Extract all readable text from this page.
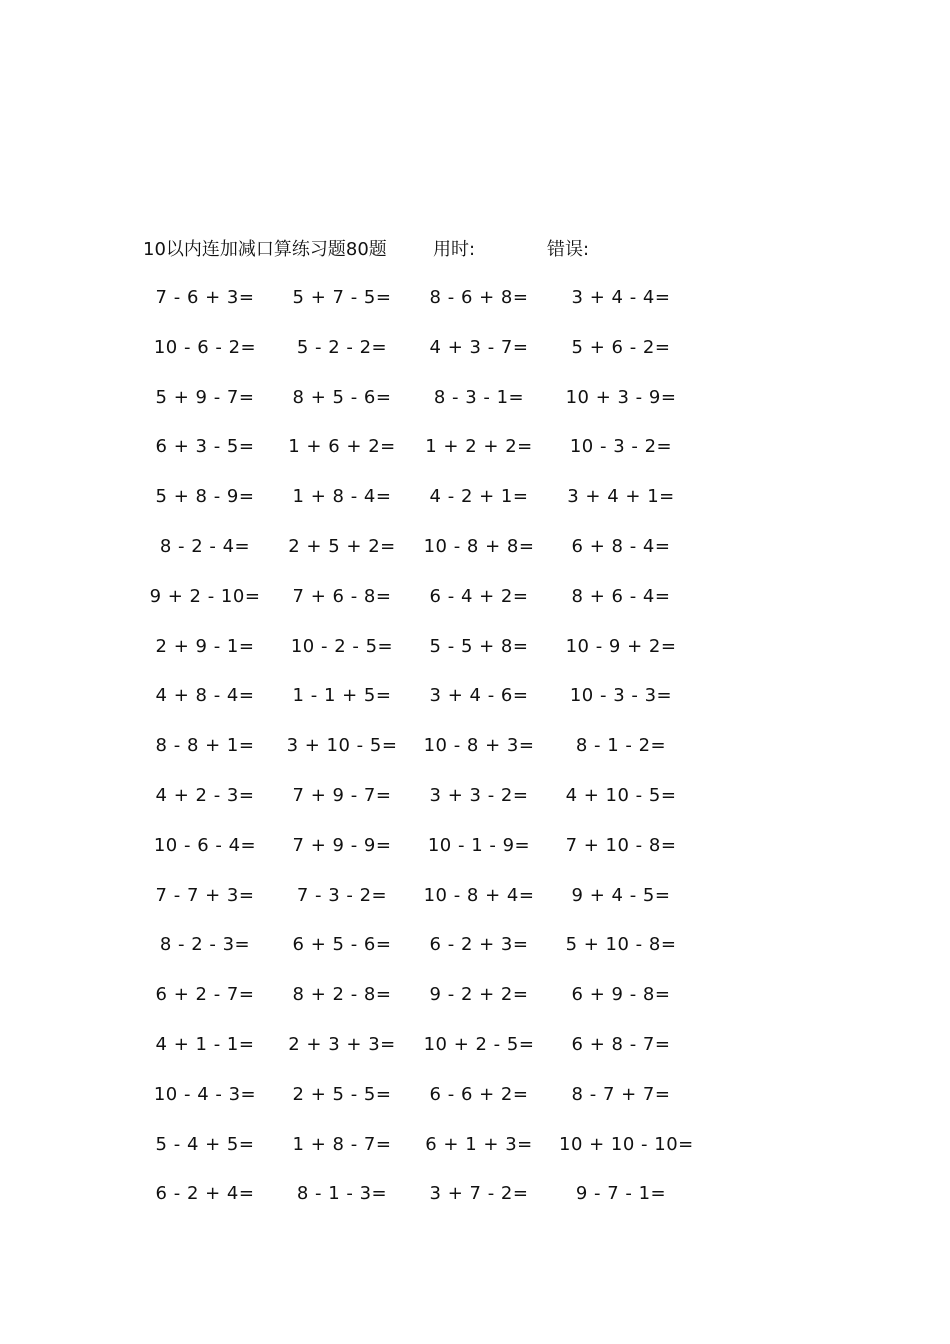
10以内连加减口算练习题80题	用时:	错误:
7 - 6 + 3=	5 + 7 - 5=	8 - 6 + 8=	3 + 4 - 4=
10 - 6 - 2=	5 - 2 - 2=	4 + 3 - 7=	5 + 6 - 2=
5 + 9 - 7=	8 + 5 - 6=	8 - 3 - 1=	10 + 3 - 9=
6 + 3 - 5=	1 + 6 + 2=	1 + 2 + 2=	10 - 3 - 2=
5 + 8 - 9=	1 + 8 - 4=	4 - 2 + 1=	3 + 4 + 1=
8 - 2 - 4=	2 + 5 + 2=	10 - 8 + 8=	6 + 8 - 4=
9 + 2 - 10=	7 + 6 - 8=	6 - 4 + 2=	8 + 6 - 4=
2 + 9 - 1=	10 - 2 - 5=	5 - 5 + 8=	10 - 9 + 2=
4 + 8 - 4=	1 - 1 + 5=	3 + 4 - 6=	10 - 3 - 3=
8 - 8 + 1=	3 + 10 - 5=	10 - 8 + 3=	8 - 1 - 2=
4 + 2 - 3=	7 + 9 - 7=	3 + 3 - 2=	4 + 10 - 5=
10 - 6 - 4=	7 + 9 - 9=	10 - 1 - 9=	7 + 10 - 8=
7 - 7 + 3=	7 - 3 - 2=	10 - 8 + 4=	9 + 4 - 5=
8 - 2 - 3=	6 + 5 - 6=	6 - 2 + 3=	5 + 10 - 8=
6 + 2 - 7=	8 + 2 - 8=	9 - 2 + 2=	6 + 9 - 8=
4 + 1 - 1=	2 + 3 + 3=	10 + 2 - 5=	6 + 8 - 7=
10 - 4 - 3=	2 + 5 - 5=	6 - 6 + 2=	8 - 7 + 7=
5 - 4 + 5=	1 + 8 - 7=	6 + 1 + 3=	10 + 10 - 10=
6 - 2 + 4=	8 - 1 - 3=	3 + 7 - 2=	9 - 7 - 1=
